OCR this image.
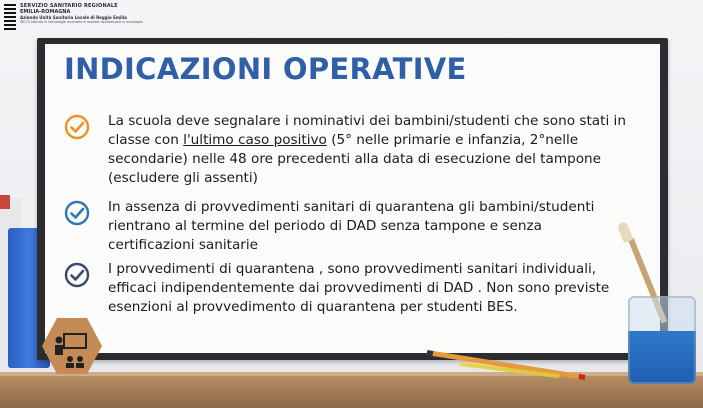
SERVIZIO SANITARIO REGIONALE
EMILIA-ROMAGNA
Azienda Unità Sanitaria Locale di Reggio Emilia
IRCCS Istituto in tecnologie avanzate e modelli assistenziali in oncologia
INDICAZIONI OPERATIVE

La scuola deve segnalare i nominativi dei bambini/studenti che sono stati in classe con l'ultimo caso positivo (5° nelle primarie e infanzia, 2°nelle secondarie) nelle 48 ore precedenti alla data di esecuzione del tampone (escludere gli assenti)

In assenza di provvedimenti sanitari di quarantena gli bambini/studenti rientrano al termine del periodo di DAD senza tampone e senza certificazioni sanitarie

I provvedimenti di quarantena , sono provvedimenti sanitari individuali, efficaci indipendentemente dai provvedimenti di DAD . Non sono previste esenzioni al provvedimento di quarantena per studenti BES.
